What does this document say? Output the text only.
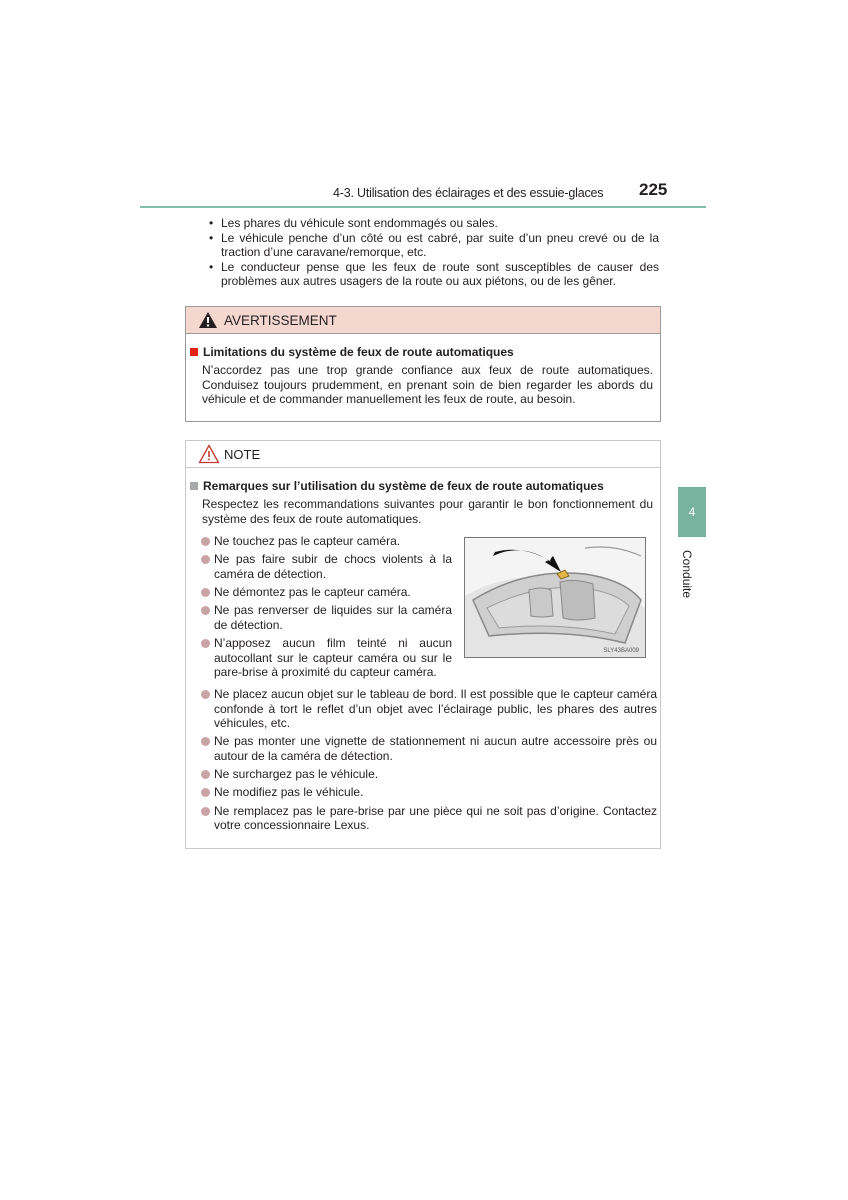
4-3. Utilisation des éclairages et des essuie-glaces 225
• Les phares du véhicule sont endommagés ou sales.
• Le véhicule penche d’un côté ou est cabré, par suite d’un pneu crevé ou de la traction d’une caravane/remorque, etc.
• Le conducteur pense que les feux de route sont susceptibles de causer des problèmes aux autres usagers de la route ou aux piétons, ou de les gêner.
AVERTISSEMENT
Limitations du système de feux de route automatiques
N’accordez pas une trop grande confiance aux feux de route automatiques. Conduisez toujours prudemment, en prenant soin de bien regarder les abords du véhicule et de commander manuellement les feux de route, au besoin.
NOTE
Remarques sur l’utilisation du système de feux de route automatiques
Respectez les recommandations suivantes pour garantir le bon fonctionnement du système des feux de route automatiques.
Ne touchez pas le capteur caméra.
Ne pas faire subir de chocs violents à la caméra de détection.
Ne démontez pas le capteur caméra.
Ne pas renverser de liquides sur la caméra de détection.
N’apposez aucun film teinté ni aucun autocollant sur le capteur caméra ou sur le pare-brise à proximité du capteur caméra.
SLY43BA009
Ne placez aucun objet sur le tableau de bord. Il est possible que le capteur caméra confonde à tort le reflet d’un objet avec l’éclairage public, les phares des autres véhicules, etc.
Ne pas monter une vignette de stationnement ni aucun autre accessoire près ou autour de la caméra de détection.
Ne surchargez pas le véhicule.
Ne modifiez pas le véhicule.
Ne remplacez pas le pare-brise par une pièce qui ne soit pas d’origine. Contactez votre concessionnaire Lexus.
4
Conduite
